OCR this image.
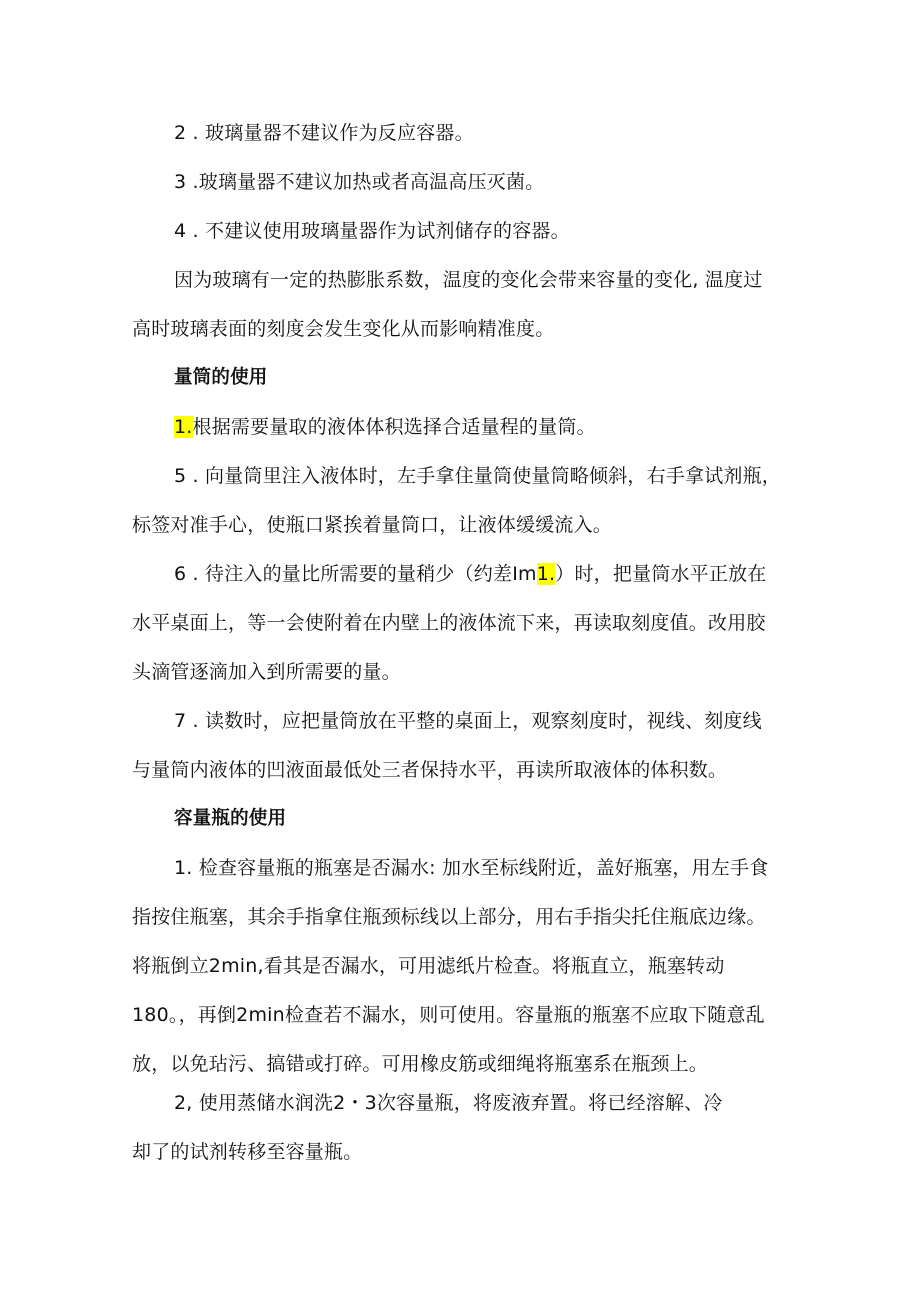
2 . 玻璃量器不建议作为反应容器。

3 .玻璃量器不建议加热或者高温高压灭菌。

4 . 不建议使用玻璃量器作为试剂储存的容器。

因为玻璃有一定的热膨胀系数，温度的变化会带来容量的变化, 温度过

高时玻璃表面的刻度会发生变化从而影响精准度。

量筒的使用

1.根据需要量取的液体体积选择合适量程的量筒。

5 . 向量筒里注入液体时，左手拿住量筒使量筒略倾斜，右手拿试剂瓶，

标签对准手心，使瓶口紧挨着量筒口，让液体缓缓流入。

6 . 待注入的量比所需要的量稍少（约差Im1.）时，把量筒水平正放在

水平桌面上，等一会使附着在内壁上的液体流下来，再读取刻度值。改用胶

头滴管逐滴加入到所需要的量。

7 . 读数时，应把量筒放在平整的桌面上，观察刻度时，视线、刻度线

与量筒内液体的凹液面最低处三者保持水平，再读所取液体的体积数。

容量瓶的使用

1. 检查容量瓶的瓶塞是否漏水: 加水至标线附近，盖好瓶塞，用左手食

指按住瓶塞，其余手指拿住瓶颈标线以上部分，用右手指尖托住瓶底边缘。

将瓶倒立2min,看其是否漏水，可用滤纸片检查。将瓶直立，瓶塞转动

180。，再倒2min检查若不漏水，则可使用。容量瓶的瓶塞不应取下随意乱

放，以免玷污、搞错或打碎。可用橡皮筋或细绳将瓶塞系在瓶颈上。

2, 使用蒸储水润洗2・3次容量瓶，将废液弃置。将已经溶解、冷

却了的试剂转移至容量瓶。
